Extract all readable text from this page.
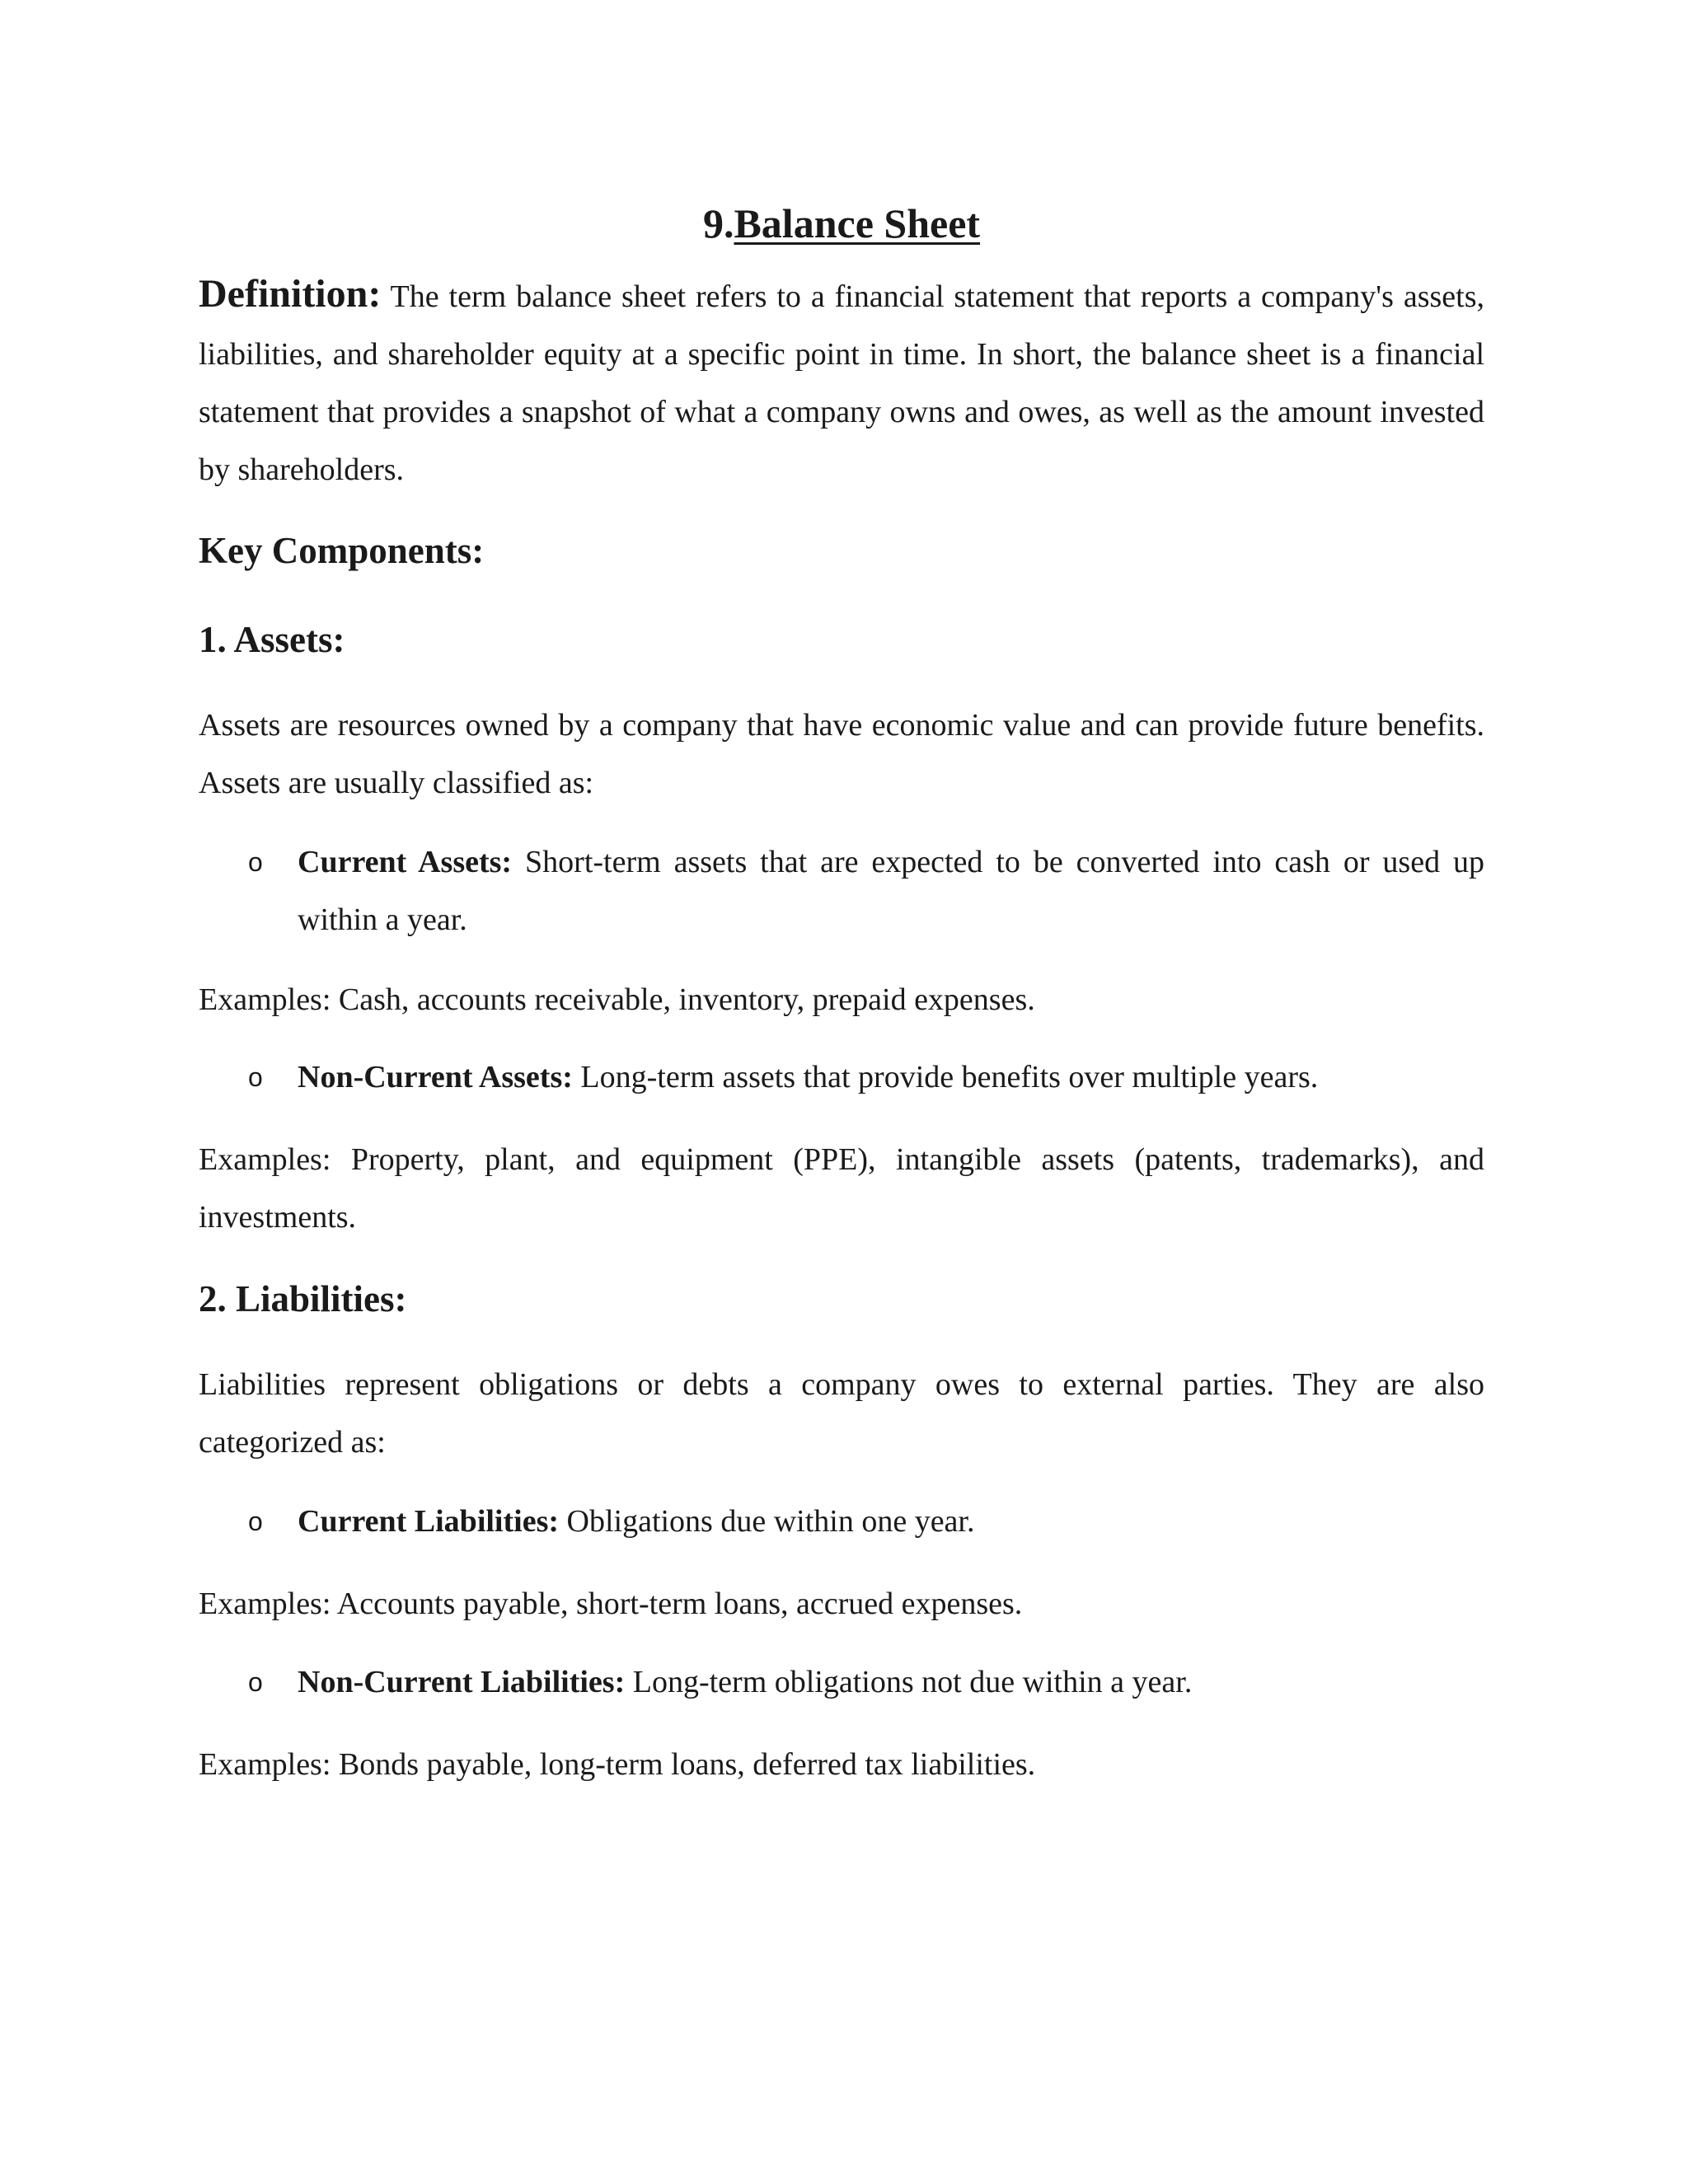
9.Balance Sheet

Definition: The term balance sheet refers to a financial statement that reports a company's assets, liabilities, and shareholder equity at a specific point in time. In short, the balance sheet is a financial statement that provides a snapshot of what a company owns and owes, as well as the amount invested by shareholders.

Key Components:
1. Assets:

Assets are resources owned by a company that have economic value and can provide future benefits. Assets are usually classified as:

o Current Assets: Short-term assets that are expected to be converted into cash or used up within a year.

Examples: Cash, accounts receivable, inventory, prepaid expenses.

o Non-Current Assets: Long-term assets that provide benefits over multiple years.

Examples: Property, plant, and equipment (PPE), intangible assets (patents, trademarks), and investments.

2. Liabilities:

Liabilities represent obligations or debts a company owes to external parties. They are also categorized as:

o Current Liabilities: Obligations due within one year.

Examples: Accounts payable, short-term loans, accrued expenses.

o Non-Current Liabilities: Long-term obligations not due within a year.

Examples: Bonds payable, long-term loans, deferred tax liabilities.
